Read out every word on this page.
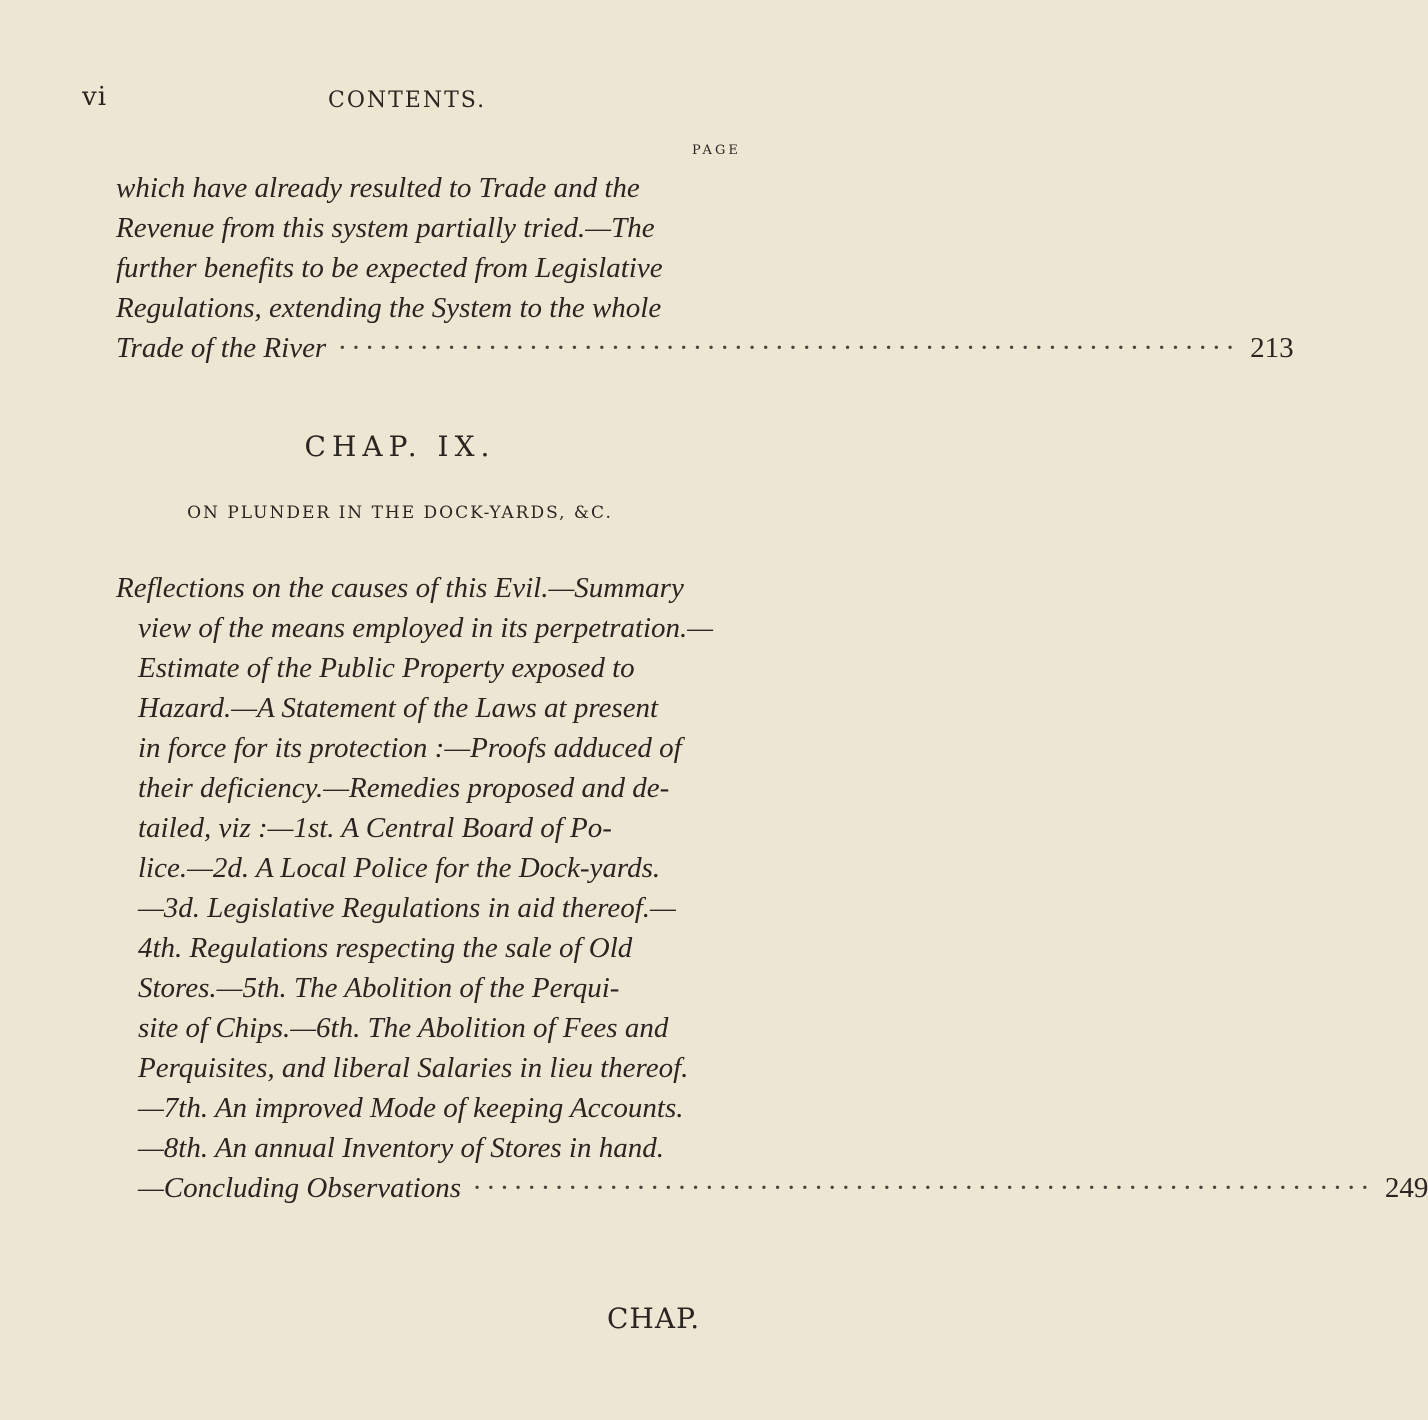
vi	CONTENTS.
PAGE
which have already resulted to Trade and the
Revenue from this system partially tried.—The
further benefits to be expected from Legislative
Regulations, extending the System to the whole
Trade of the River ·································································· 213
CHAP. IX.
ON PLUNDER IN THE DOCK-YARDS, &C.
Reflections on the causes of this Evil.—Summary
view of the means employed in its perpetration.—
Estimate of the Public Property exposed to
Hazard.—A Statement of the Laws at present
in force for its protection :—Proofs adduced of
their deficiency.—Remedies proposed and de-
tailed, viz :—1st. A Central Board of Po-
lice.—2d. A Local Police for the Dock-yards.
—3d. Legislative Regulations in aid thereof.—
4th. Regulations respecting the sale of Old
Stores.—5th. The Abolition of the Perqui-
site of Chips.—6th. The Abolition of Fees and
Perquisites, and liberal Salaries in lieu thereof.
—7th. An improved Mode of keeping Accounts.
—8th. An annual Inventory of Stores in hand.
—Concluding Observations ·································································· 249
CHAP.
